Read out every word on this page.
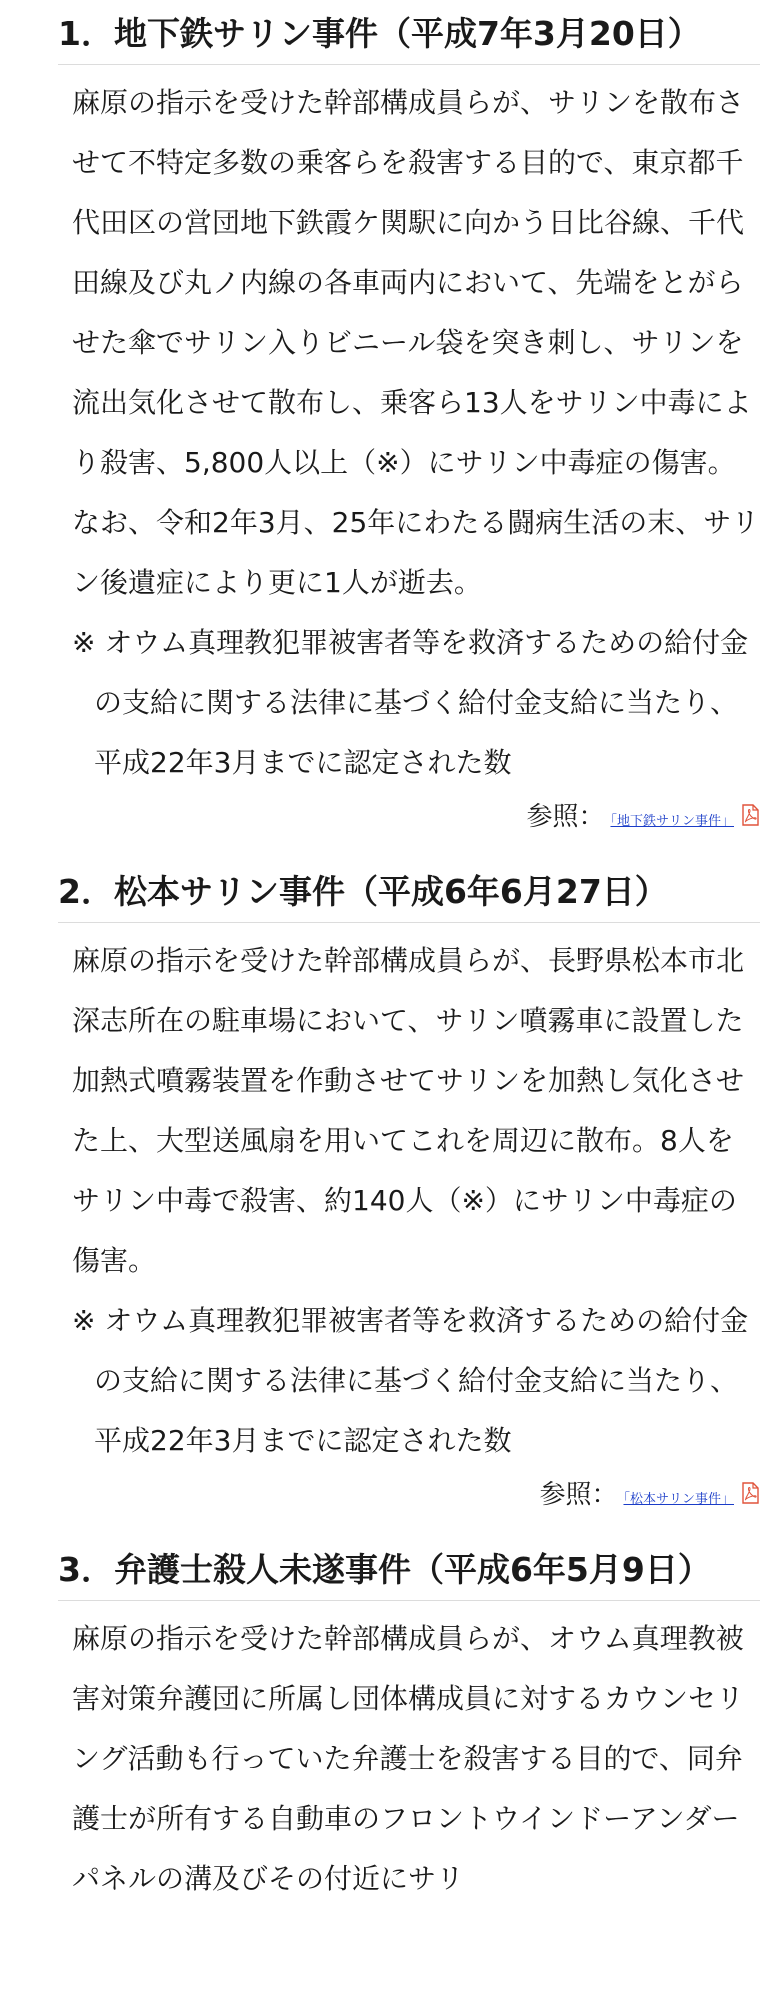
1．地下鉄サリン事件（平成7年3月20日）

麻原の指示を受けた幹部構成員らが、サリンを散布させて不特定多数の乗客らを殺害する目的で、東京都千代田区の営団地下鉄霞ケ関駅に向かう日比谷線、千代田線及び丸ノ内線の各車両内において、先端をとがらせた傘でサリン入りビニール袋を突き刺し、サリンを流出気化させて散布し、乗客ら13人をサリン中毒により殺害、5,800人以上（※）にサリン中毒症の傷害。なお、令和2年3月、25年にわたる闘病生活の末、サリン後遺症により更に1人が逝去。

※ オウム真理教犯罪被害者等を救済するための給付金の支給に関する法律に基づく給付金支給に当たり、平成22年3月までに認定された数

参照： 「地下鉄サリン事件」
2．松本サリン事件（平成6年6月27日）

麻原の指示を受けた幹部構成員らが、長野県松本市北深志所在の駐車場において、サリン噴霧車に設置した加熱式噴霧装置を作動させてサリンを加熱し気化させた上、大型送風扇を用いてこれを周辺に散布。8人をサリン中毒で殺害、約140人（※）にサリン中毒症の傷害。

※ オウム真理教犯罪被害者等を救済するための給付金の支給に関する法律に基づく給付金支給に当たり、平成22年3月までに認定された数

参照： 「松本サリン事件」
3．弁護士殺人未遂事件（平成6年5月9日）

麻原の指示を受けた幹部構成員らが、オウム真理教被害対策弁護団に所属し団体構成員に対するカウンセリング活動も行っていた弁護士を殺害する目的で、同弁護士が所有する自動車のフロントウインドーアンダーパネルの溝及びその付近にサリ
